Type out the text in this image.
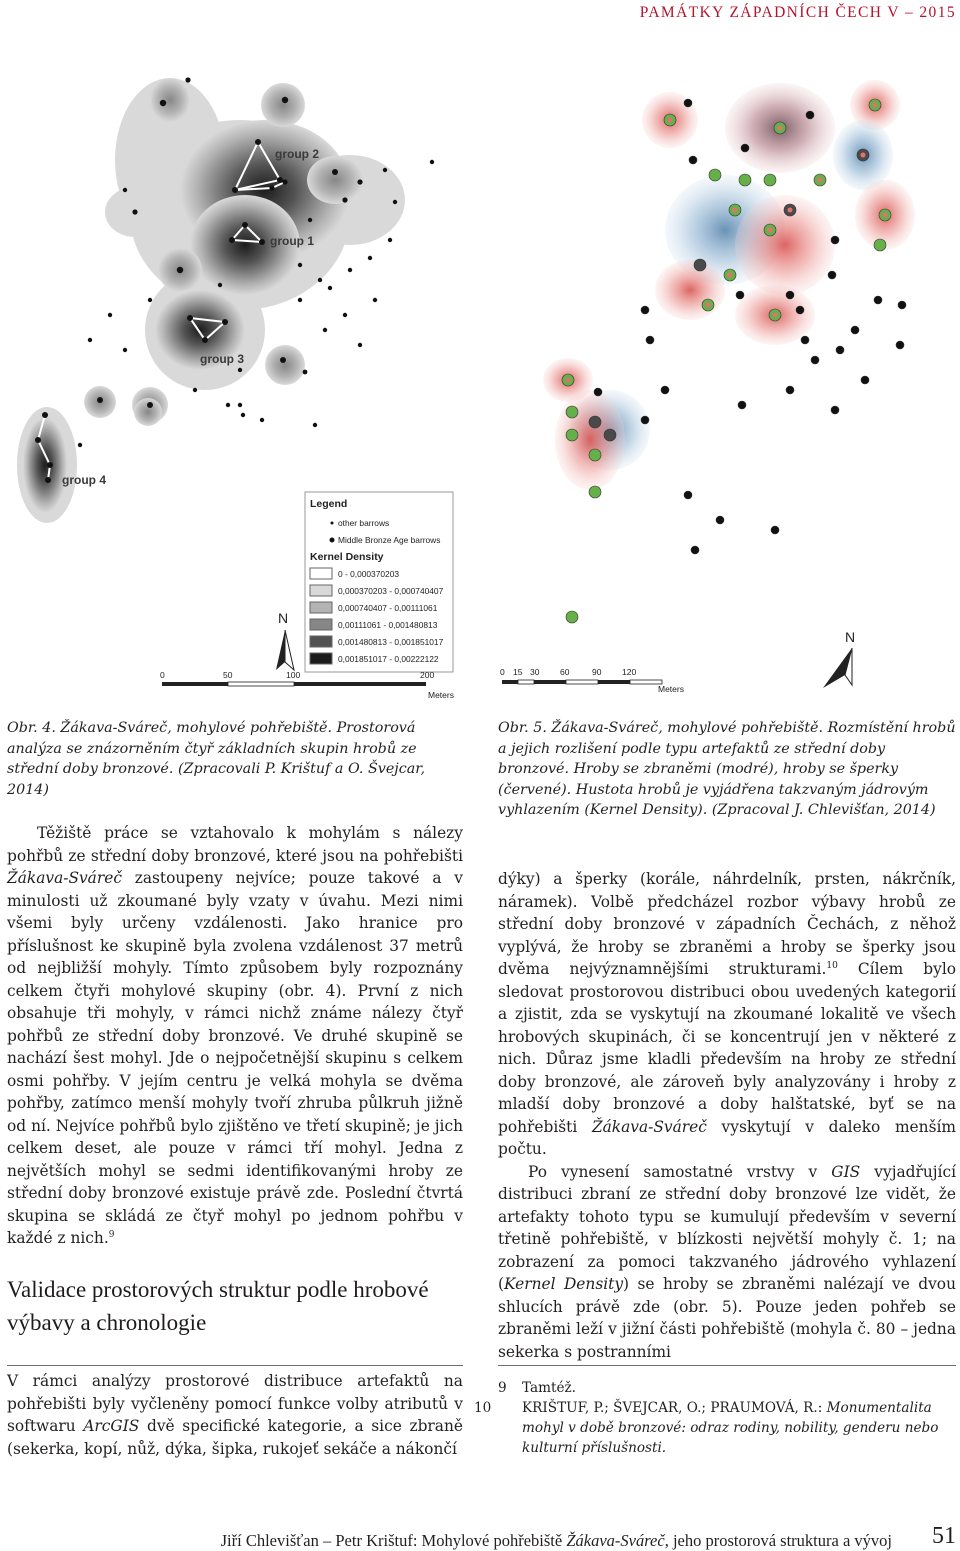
PAMÁTKY ZÁPADNÍCH ČECH V – 2015
group 2
group 1
group 3
group 4
Legend
other barrows
Middle Bronze Age barrows
Kernel Density
0 - 0,000370203
0,000370203 - 0,000740407
0,000740407 - 0,00111061
0,00111061 - 0,001480813
0,001480813 - 0,001851017
0,001851017 - 0,00222122
N
0	50	100	200
Meters
N
0 15 30 60	90 120
Meters
Obr. 4. Žákava-Sváreč, mohylové pohřebiště. Prostorová analýza se znázorněním čtyř základních skupin hrobů ze střední doby bronzové. (Zpracovali P. Krištuf a O. Švejcar, 2014)
Obr. 5. Žákava-Sváreč, mohylové pohřebiště. Rozmístění hrobů a jejich rozlišení podle typu artefaktů ze střední doby bronzové. Hroby se zbraněmi (modré), hroby se šperky (červené). Hustota hrobů je vyjádřena takzvaným jádrovým vyhlazením (Kernel Density). (Zpracoval J. Chlevišťan, 2014)

Těžiště práce se vztahovalo k mohylám s nálezy pohřbů ze střední doby bronzové, které jsou na pohřebišti Žákava-Sváreč zastoupeny nejvíce; pouze takové a v minulosti už zkoumané byly vzaty v úvahu. Mezi nimi všemi byly určeny vzdálenosti. Jako hranice pro příslušnost ke skupině byla zvolena vzdálenost 37 metrů od nejbližší mohyly. Tímto způsobem byly rozpoznány celkem čtyři mohylové skupiny (obr. 4). První z nich obsahuje tři mohyly, v rámci nichž známe nálezy čtyř pohřbů ze střední doby bronzové. Ve druhé skupině se nachází šest mohyl. Jde o nejpočetnější skupinu s celkem osmi pohřby. V jejím centru je velká mohyla se dvěma pohřby, zatímco menší mohyly tvoří zhruba půlkruh jižně od ní. Nejvíce pohřbů bylo zjištěno ve třetí skupině; je jich celkem deset, ale pouze v rámci tří mohyl. Jedna z největších mohyl se sedmi identifikovanými hroby ze střední doby bronzové existuje právě zde. Poslední čtvrtá skupina se skládá ze čtyř mohyl po jednom pohřbu v každé z nich.$^9$

Validace prostorových struktur podle hrobové výbavy a chronologie

V rámci analýzy prostorové distribuce artefaktů na pohřebišti byly vyčleněny pomocí funkce volby atributů v softwaru ArcGIS dvě specifické kategorie, a sice zbraně (sekerka, kopí, nůž, dýka, šipka, rukojeť sekáče a nákončí

dýky) a šperky (korále, náhrdelník, prsten, nákrčník, náramek). Volbě předcházel rozbor výbavy hrobů ze střední doby bronzové v západních Čechách, z něhož vyplývá, že hroby se zbraněmi a hroby se šperky jsou dvěma nejvýznamnějšími strukturami.$^{10}$ Cílem bylo sledovat prostorovou distribuci obou uvedených kategorií a zjistit, zda se vyskytují na zkoumané lokalitě ve všech hrobových skupinách, či se koncentrují jen v některé z nich. Důraz jsme kladli především na hroby ze střední doby bronzové, ale zároveň byly analyzovány i hroby z mladší doby bronzové a doby halštatské, byť se na pohřebišti Žákava-Sváreč vyskytují v daleko menším počtu.

Po vynesení samostatné vrstvy v GIS vyjadřující distribuci zbraní ze střední doby bronzové lze vidět, že artefakty tohoto typu se kumulují především v severní třetině pohřebiště, v blízkosti největší mohyly č. 1; na zobrazení za pomoci takzvaného jádrového vyhlazení (Kernel Density) se hroby se zbraněmi nalézají ve dvou shlucích právě zde (obr. 5). Pouze jeden pohřeb se zbraněmi leží v jižní části pohřebiště (mohyla č. 80 – jedna sekerka s postranními

9 Tamtéž.
10 KRIŠTUF, P.; ŠVEJCAR, O.; PRAUMOVÁ, R.: Monumentalita mohyl v době bronzové: odraz rodiny, nobility, genderu nebo kulturní příslušnosti.
Jiří Chlevišťan – Petr Krištuf: Mohylové pohřebiště Žákava-Sváreč, jeho prostorová struktura a vývoj 51
